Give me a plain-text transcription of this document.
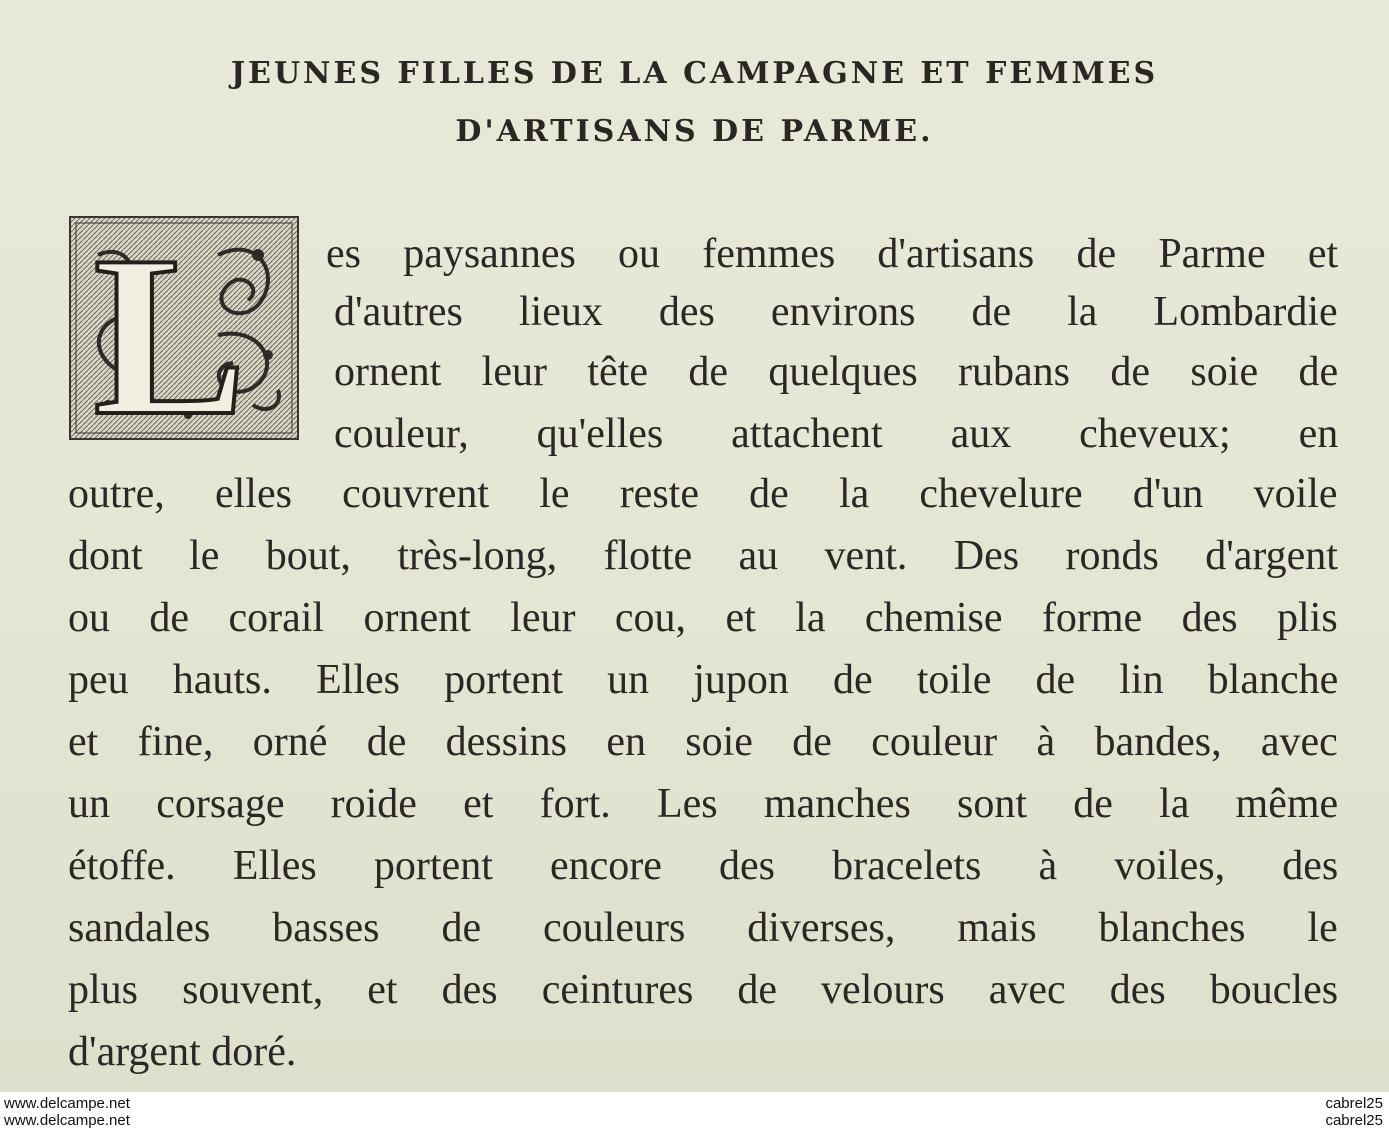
JEUNES FILLES DE LA CAMPAGNE ET FEMMES
D'ARTISANS DE PARME.
L es paysannes ou femmes d'artisans de Parme et
d'autres lieux des environs de la Lombardie
ornent leur tête de quelques rubans de soie de
couleur, qu'elles attachent aux cheveux; en
outre, elles couvrent le reste de la chevelure d'un voile
dont le bout, très-long, flotte au vent. Des ronds d'argent
ou de corail ornent leur cou, et la chemise forme des plis
peu hauts. Elles portent un jupon de toile de lin blanche
et fine, orné de dessins en soie de couleur à bandes, avec
un corsage roide et fort. Les manches sont de la même
étoffe. Elles portent encore des bracelets à voiles, des
sandales basses de couleurs diverses, mais blanches le
plus souvent, et des ceintures de velours avec des boucles
d'argent doré.
www.delcampe.net
www.delcampe.net
cabrel25
cabrel25
